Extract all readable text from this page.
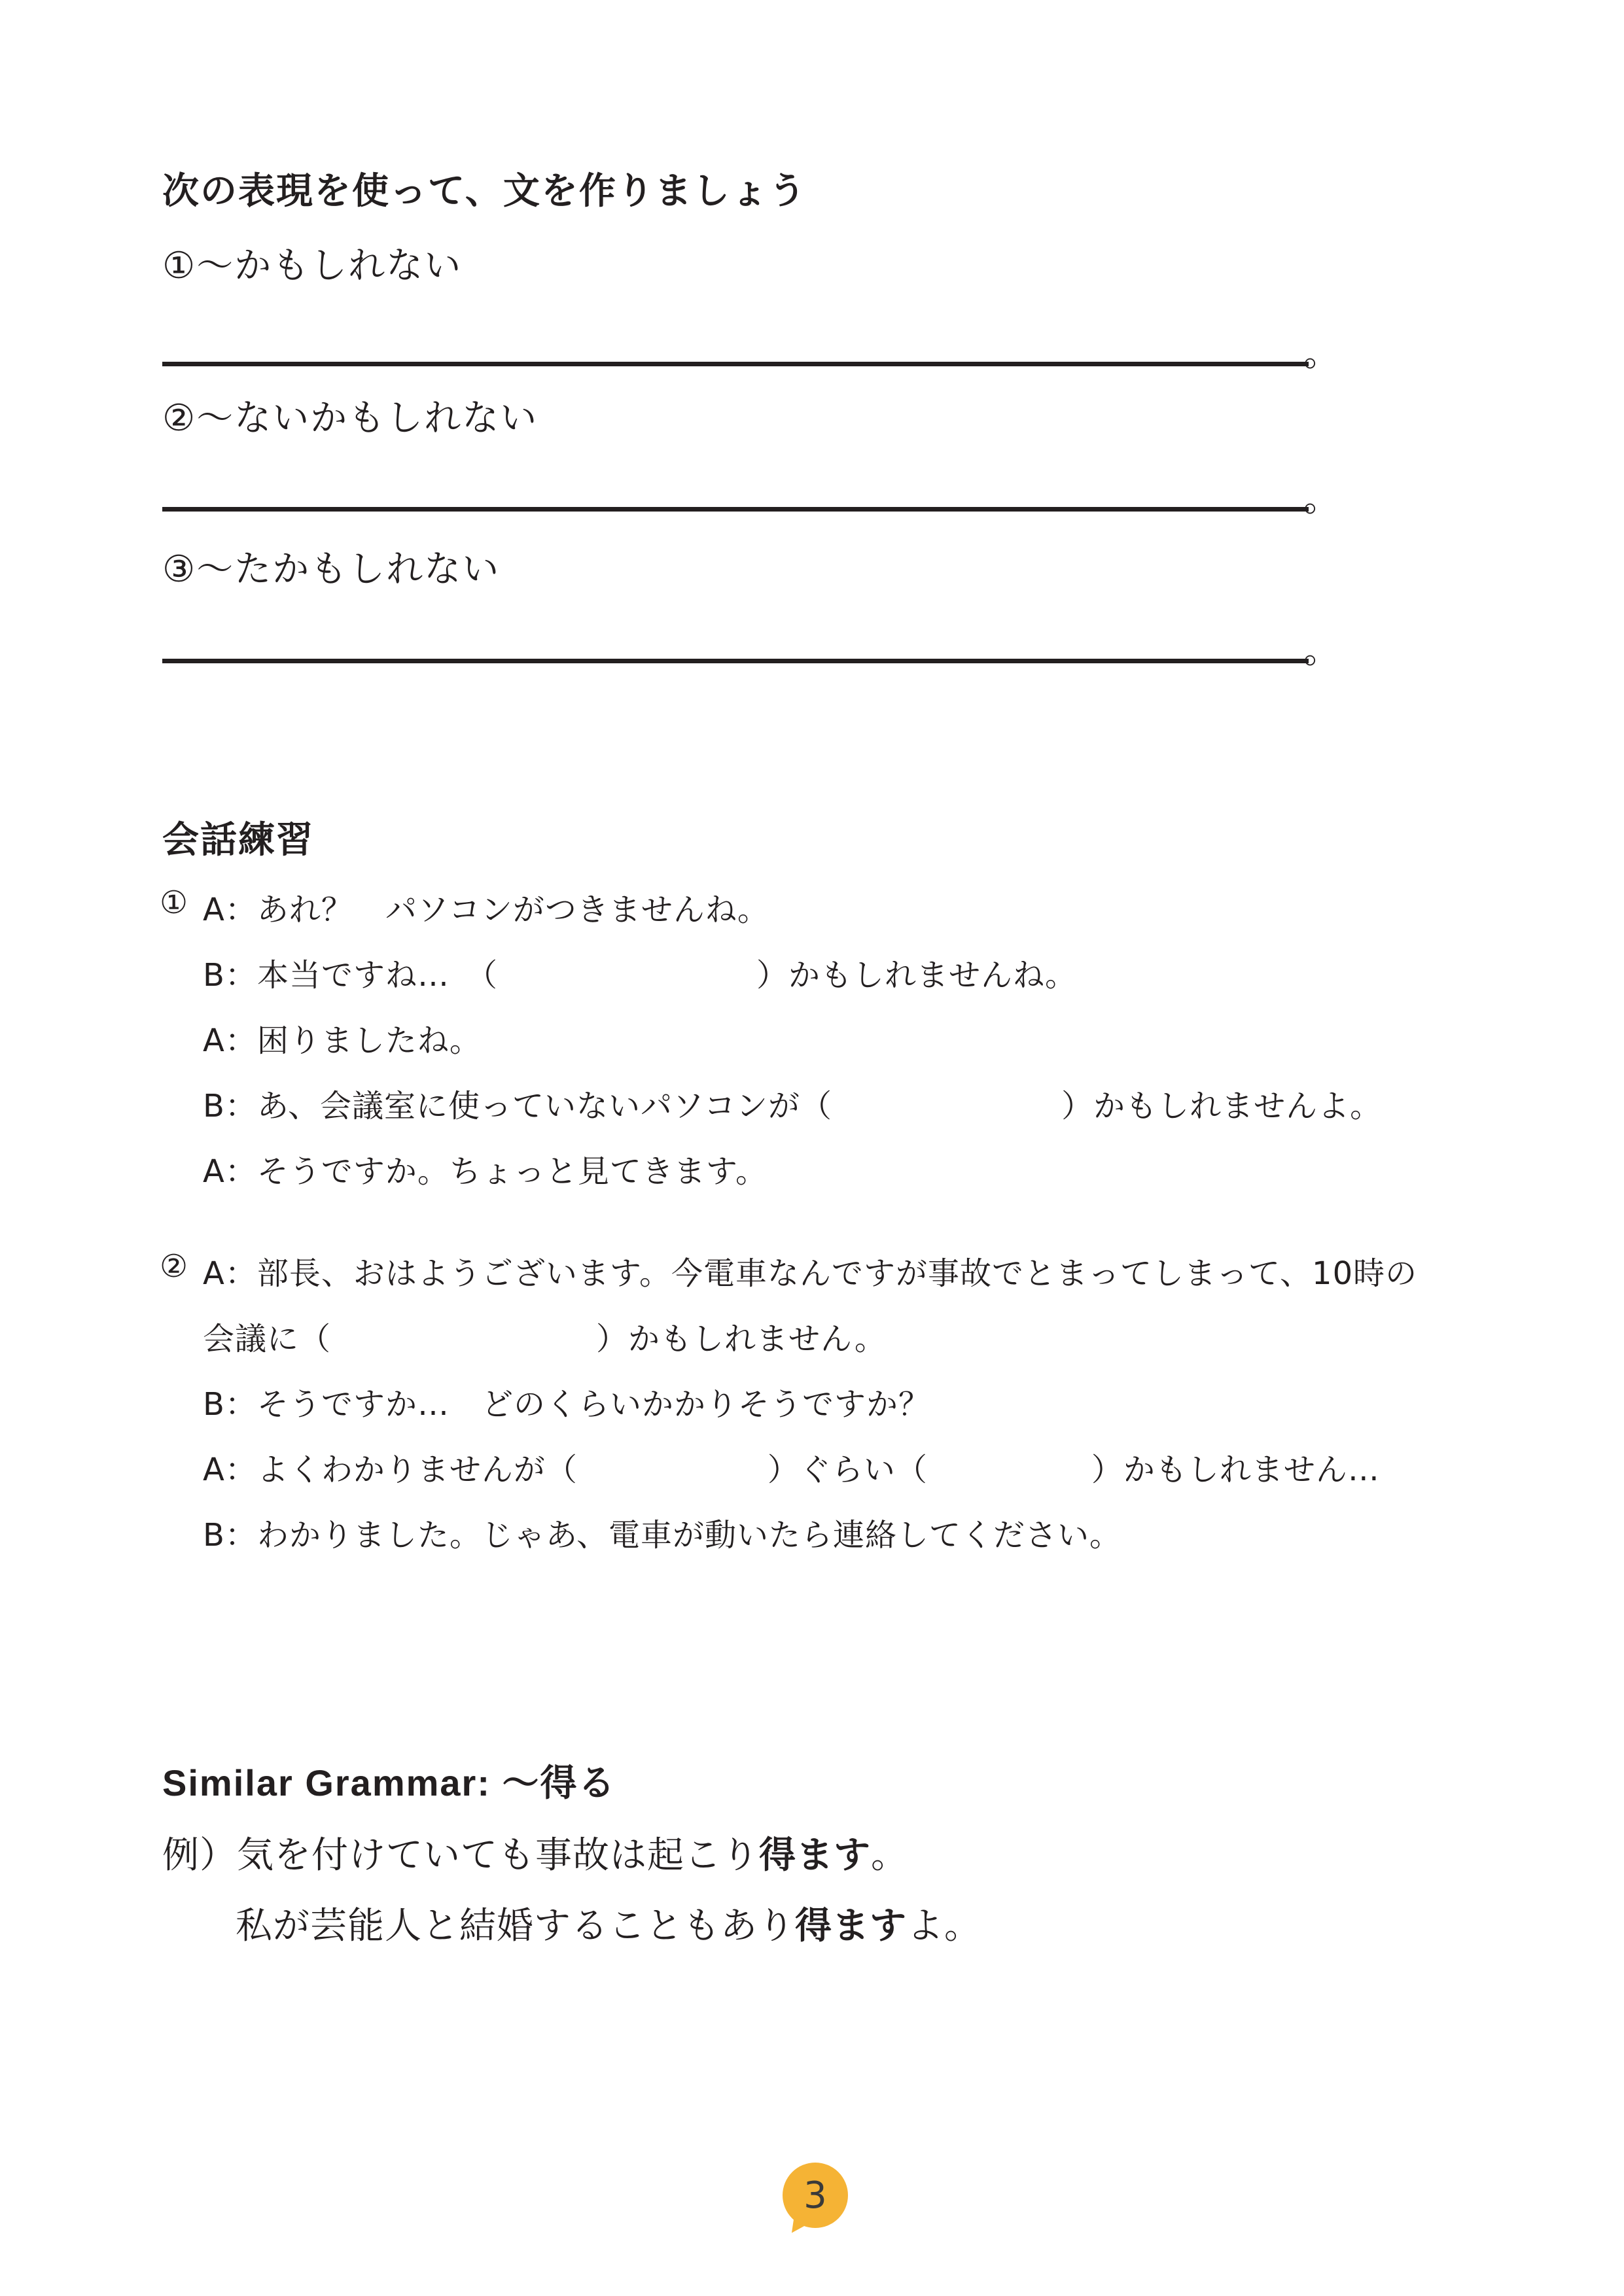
次の表現を使って、文を作りましょう
①〜かもしれない
。
②〜ないかもしれない
。
③〜たかもしれない
。
会話練習
① A：あれ？　パソコンがつきませんね。
B：本当ですね…　（	）かもしれませんね。
A：困りましたね。
B：あ、会議室に使っていないパソコンが（	）かもしれませんよ。
A：そうですか。ちょっと見てきます。
② A：部長、おはようございます。今電車なんですが事故でとまってしまって、10時の
会議に（	）かもしれません。
B：そうですか…　どのくらいかかりそうですか？
A：よくわかりませんが（	）ぐらい（	）かもしれません…
B：わかりました。じゃあ、電車が動いたら連絡してください。
Similar Grammar: 〜得る
例）気を付けていても事故は起こり得ます。
私が芸能人と結婚することもあり得ますよ。
3
